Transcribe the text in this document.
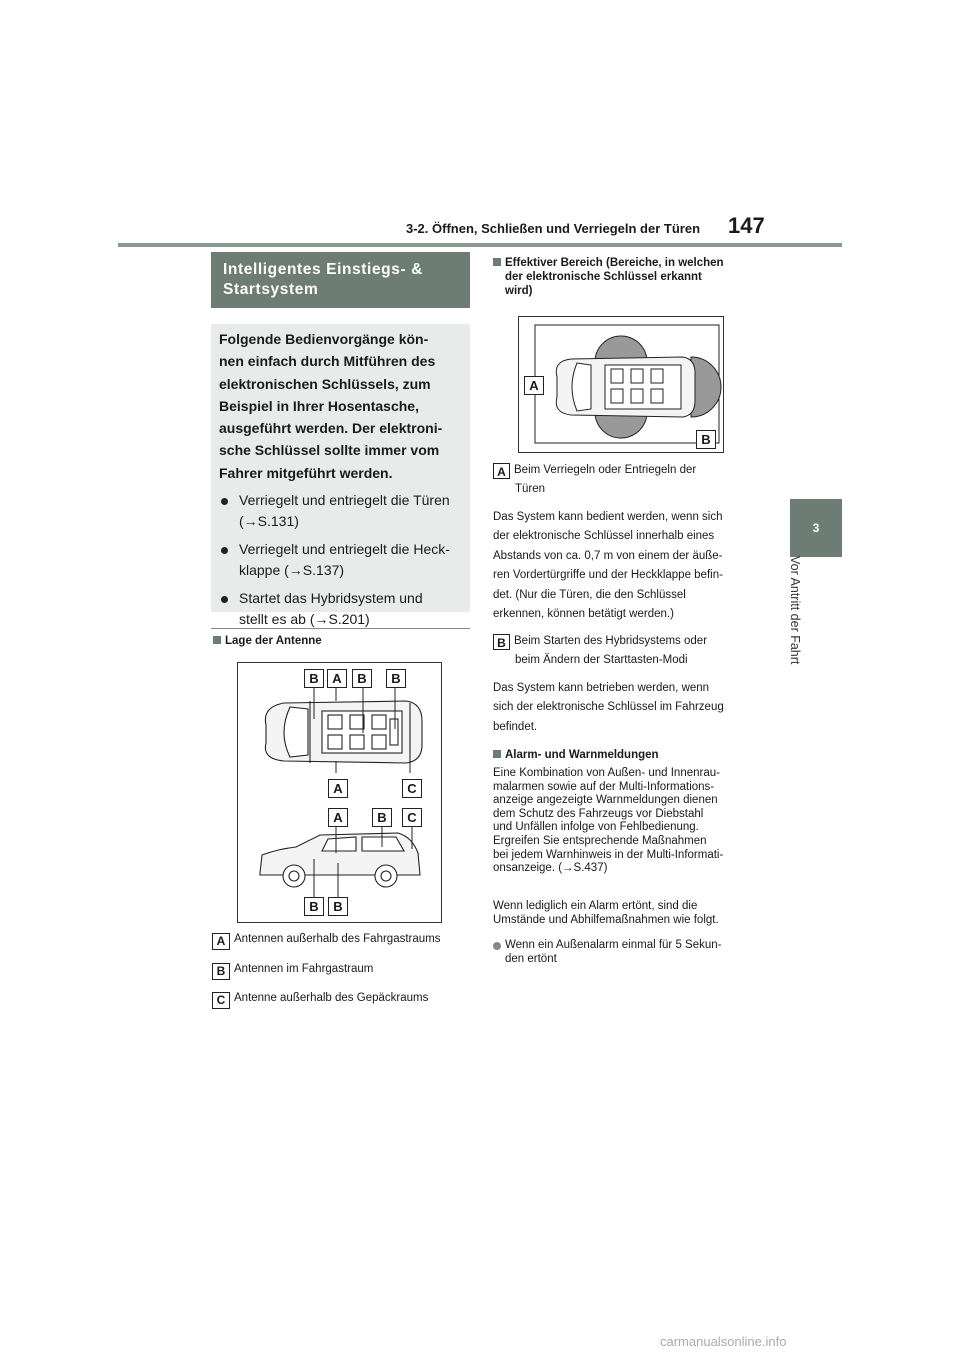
3-2. Öffnen, Schließen und Verriegeln der Türen 147
3
Vor Antritt der Fahrt
Intelligentes Einstiegs- & Startsystem

Folgende Bedienvorgänge kön-
nen einfach durch Mitführen des
elektronischen Schlüssels, zum
Beispiel in Ihrer Hosentasche,
ausgeführt werden. Der elektroni-
sche Schlüssel sollte immer vom
Fahrer mitgeführt werden.

Verriegelt und entriegelt die Türen
(→S.131)
Verriegelt und entriegelt die Heck-
klappe (→S.137)
Startet das Hybridsystem und
stellt es ab (→S.201)
Lage der Antenne
B	A	B	B
A	C
A	B	C
B	B
A Antennen außerhalb des Fahrgastraums
B Antennen im Fahrgastraum
C Antenne außerhalb des Gepäckraums
Effektiver Bereich (Bereiche, in welchen
der elektronische Schlüssel erkannt
wird)
A
B
A Beim Verriegeln oder Entriegeln der
Türen
Das System kann bedient werden, wenn sich
der elektronische Schlüssel innerhalb eines
Abstands von ca. 0,7 m von einem der äuße-
ren Vordertürgriffe und der Heckklappe befin-
det. (Nur die Türen, die den Schlüssel
erkennen, können betätigt werden.)
B Beim Starten des Hybridsystems oder
beim Ändern der Starttasten-Modi
Das System kann betrieben werden, wenn
sich der elektronische Schlüssel im Fahrzeug
befindet.
Alarm- und Warnmeldungen
Eine Kombination von Außen- und Innenrau-
malarmen sowie auf der Multi-Informations-
anzeige angezeigte Warnmeldungen dienen
dem Schutz des Fahrzeugs vor Diebstahl
und Unfällen infolge von Fehlbedienung.
Ergreifen Sie entsprechende Maßnahmen
bei jedem Warnhinweis in der Multi-Informati-
onsanzeige. (→S.437)
Wenn lediglich ein Alarm ertönt, sind die
Umstände und Abhilfemaßnahmen wie folgt.
Wenn ein Außenalarm einmal für 5 Sekun-
den ertönt
carmanualsonline.info
